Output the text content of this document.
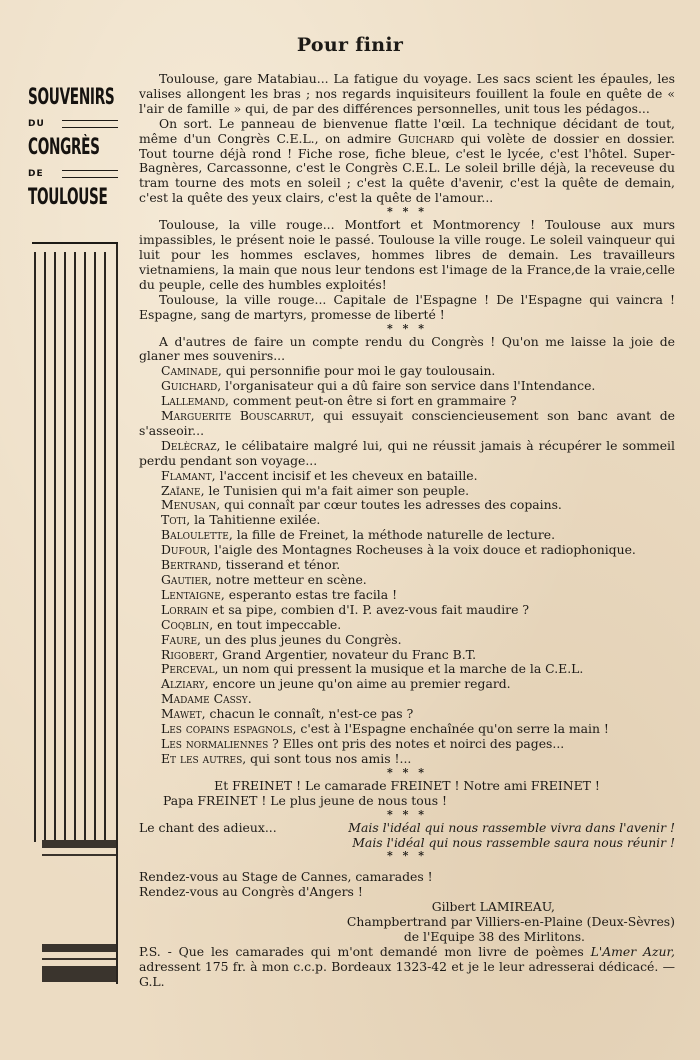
Pour finir
SOUVENIRS
DU
CONGRÈS
DE
TOULOUSE

Toulouse, gare Matabiau... La fatigue du voyage. Les sacs scient les épaules, les valises allongent les bras ; nos regards inquisiteurs fouillent la foule en quête de « l'air de famille » qui, de par des différences personnelles, unit tous les pédagos...

On sort. Le panneau de bienvenue flatte l'œil. La technique décidant de tout, même d'un Congrès C.E.L., on admire Guichard qui volète de dossier en dossier. Tout tourne déjà rond ! Fiche rose, fiche bleue, c'est le lycée, c'est l'hôtel. Super-Bagnères, Carcassonne, c'est le Congrès C.E.L. Le soleil brille déjà, la receveuse du tram tourne des mots en soleil ; c'est la quête d'avenir, c'est la quête de demain, c'est la quête des yeux clairs, c'est la quête de l'amour...

* * *

Toulouse, la ville rouge... Montfort et Montmorency ! Toulouse aux murs impassibles, le présent noie le passé. Toulouse la ville rouge. Le soleil vainqueur qui luit pour les hommes esclaves, hommes libres de demain. Les travailleurs vietnamiens, la main que nous leur tendons est l'image de la France,de la vraie,celle du peuple, celle des humbles exploités!

Toulouse, la ville rouge... Capitale de l'Espagne ! De l'Espagne qui vaincra ! Espagne, sang de martyrs, promesse de liberté !

* * *

A d'autres de faire un compte rendu du Congrès ! Qu'on me laisse la joie de glaner mes souvenirs...

Caminade, qui personnifie pour moi le gay toulousain.

Guichard, l'organisateur qui a dû faire son service dans l'Intendance.

Lallemand, comment peut-on être si fort en grammaire ?

Marguerite Bouscarrut, qui essuyait consciencieusement son banc avant de s'asseoir...

Delècraz, le célibataire malgré lui, qui ne réussit jamais à récupérer le sommeil perdu pendant son voyage...

Flamant, l'accent incisif et les cheveux en bataille.

Zaïane, le Tunisien qui m'a fait aimer son peuple.

Menusan, qui connaît par cœur toutes les adresses des copains.

Toti, la Tahitienne exilée.

Baloulette, la fille de Freinet, la méthode naturelle de lecture.

Dufour, l'aigle des Montagnes Rocheuses à la voix douce et radiophonique.

Bertrand, tisserand et ténor.

Gautier, notre metteur en scène.

Lentaigne, esperanto estas tre facila !

Lorrain et sa pipe, combien d'I. P. avez-vous fait maudire ?

Coqblin, en tout impeccable.

Faure, un des plus jeunes du Congrès.

Rigobert, Grand Argentier, novateur du Franc B.T.

Perceval, un nom qui pressent la musique et la marche de la C.E.L.

Alziary, encore un jeune qu'on aime au premier regard.

Madame Cassy.

Mawet, chacun le connaît, n'est-ce pas ?

Les copains espagnols, c'est à l'Espagne enchaînée qu'on serre la main !

Les normaliennes ? Elles ont pris des notes et noirci des pages...

Et les autres, qui sont tous nos amis !...

* * *

Et FREINET ! Le camarade FREINET ! Notre ami FREINET !

Papa FREINET ! Le plus jeune de nous tous !

* * *
Le chant des adieux...	Mais l'idéal qui nous rassemble vivra dans l'avenir !
Mais l'idéal qui nous rassemble saura nous réunir !
* * *

Rendez-vous au Stage de Cannes, camarades !

Rendez-vous au Congrès d'Angers !

Gilbert LAMIREAU,

Champbertrand par Villiers-en-Plaine (Deux-Sèvres)

de l'Equipe 38 des Mirlitons.

P.S. - Que les camarades qui m'ont demandé mon livre de poèmes L'Amer Azur, adressent 175 fr. à mon c.c.p. Bordeaux 1323-42 et je le leur adresserai dédicacé. — G.L.
